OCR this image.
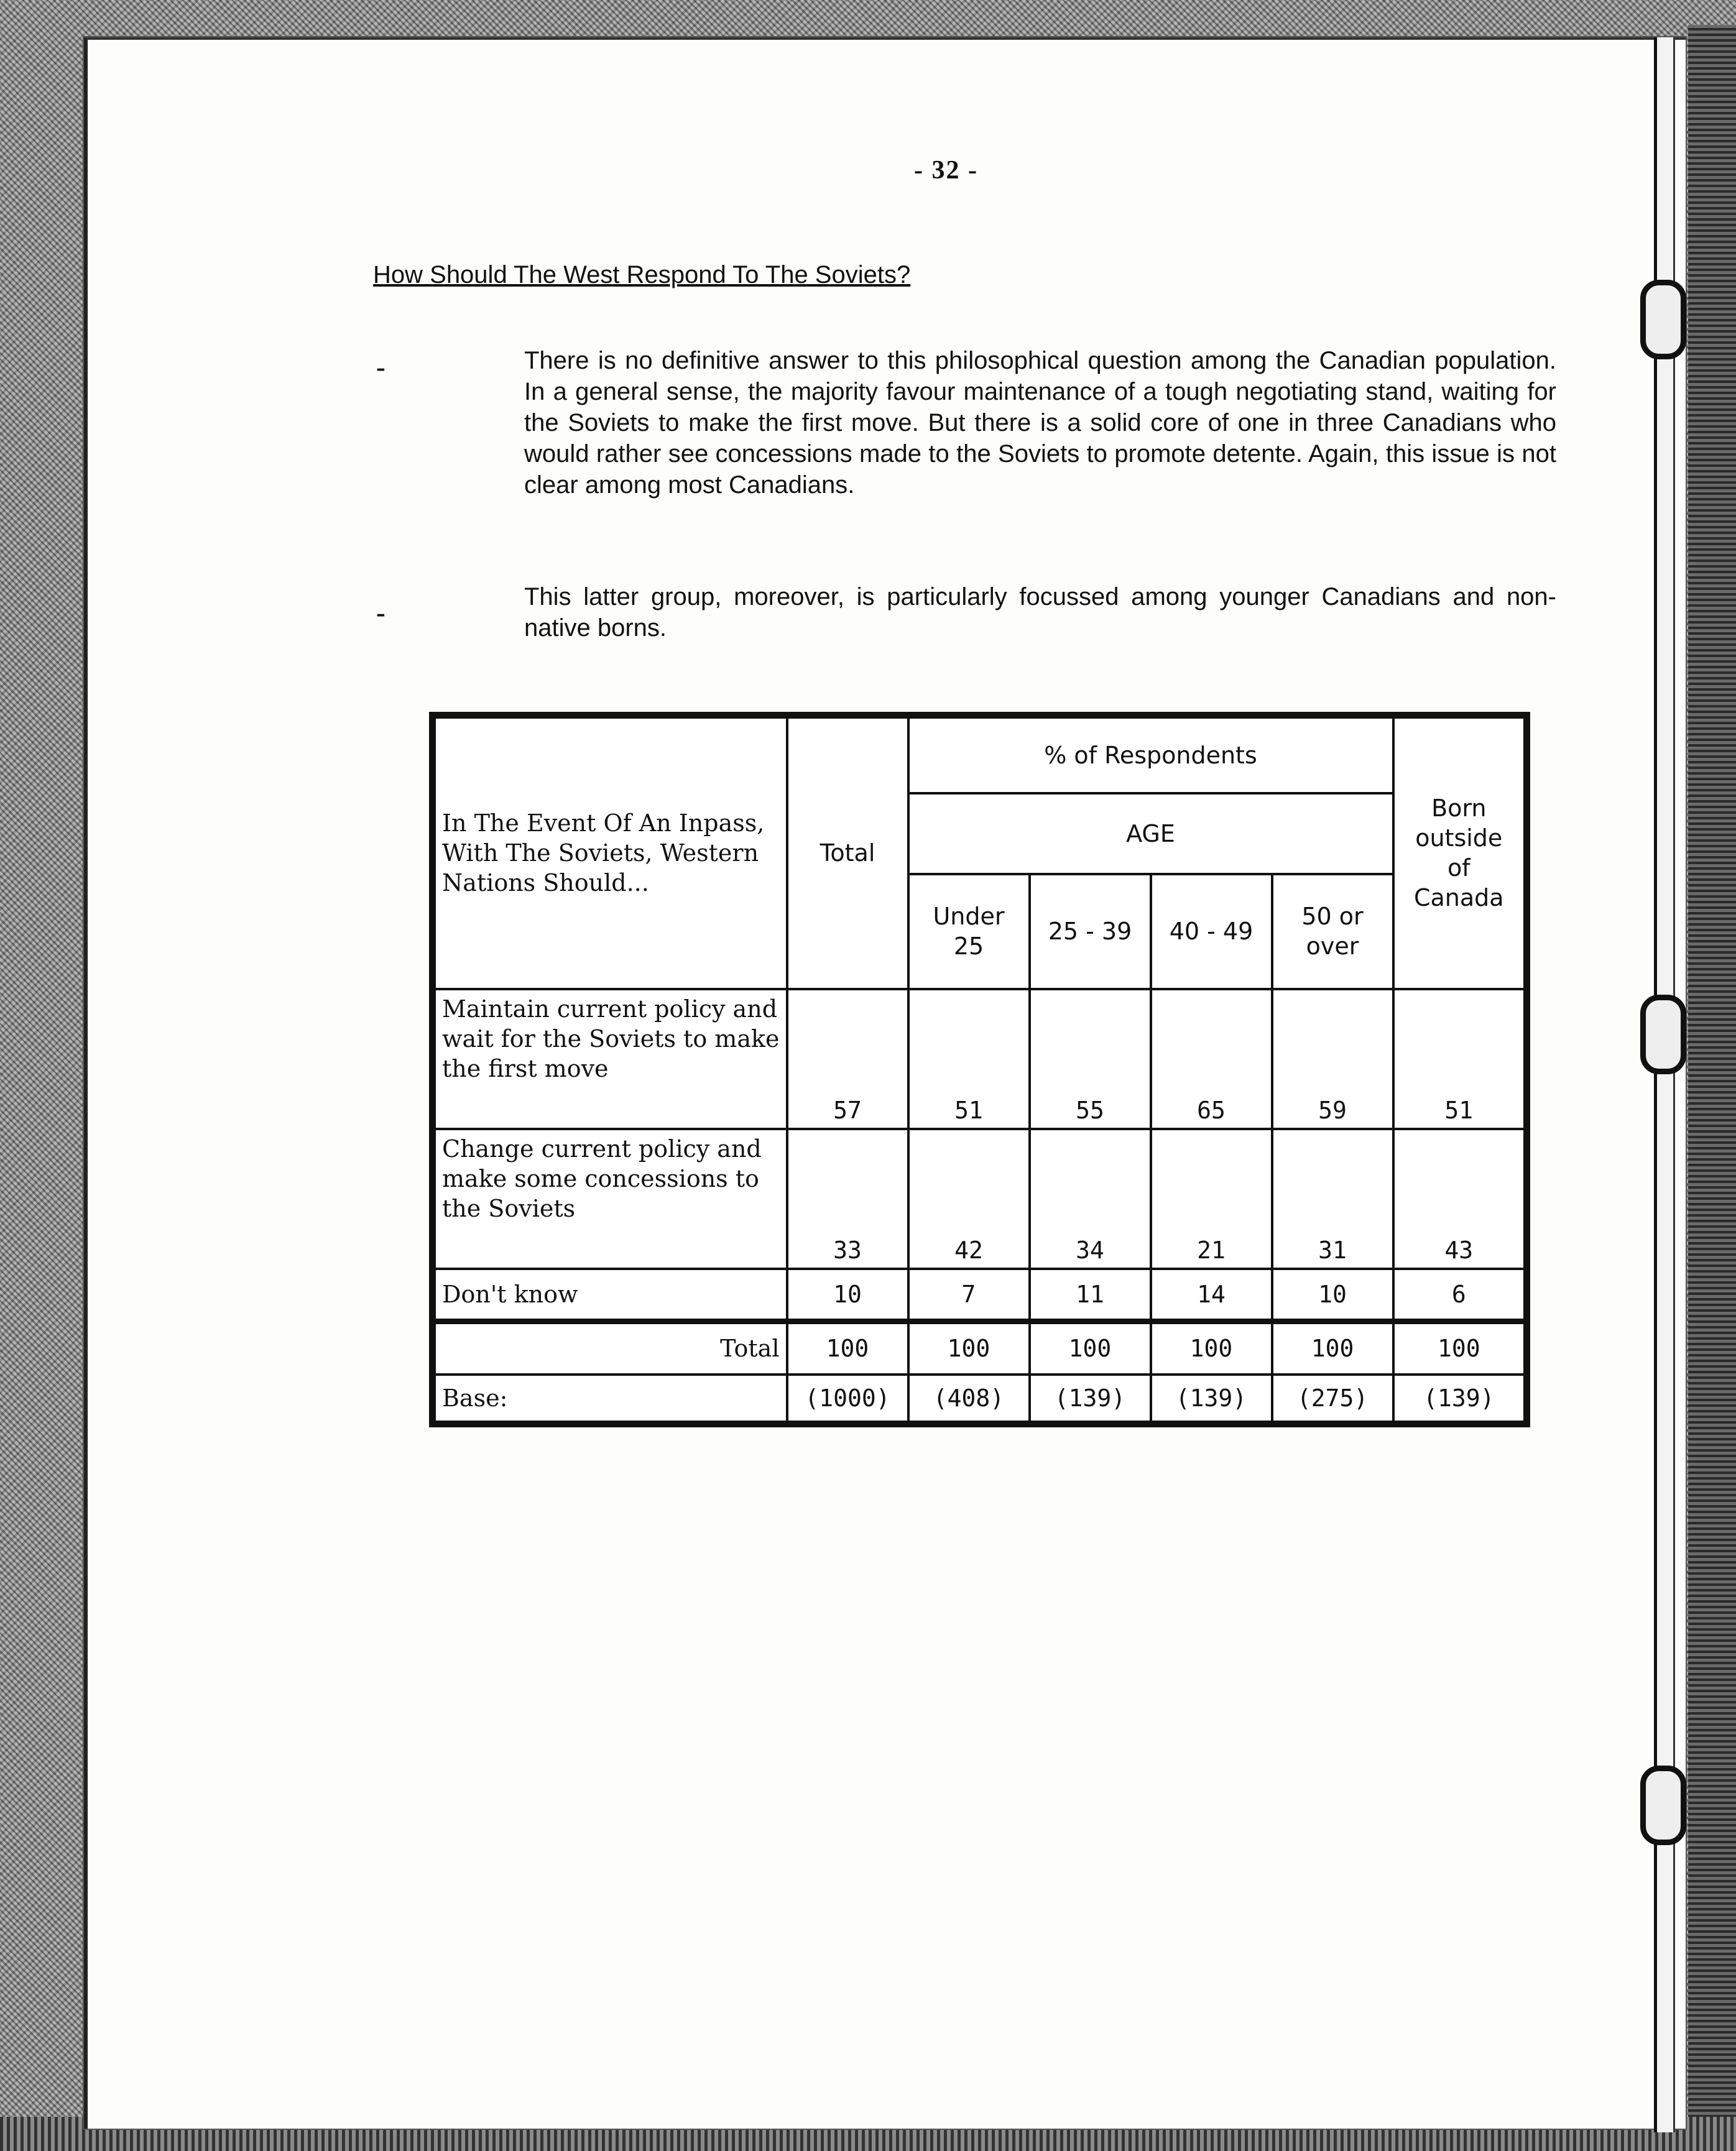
- 32 -
How Should The West Respond To The Soviets?
-	There is no definitive answer to this philosophical question among the Canadian population. In a general sense, the majority favour maintenance of a tough negotiating stand, waiting for the Soviets to make the first move. But there is a solid core of one in three Canadians who would rather see concessions made to the Soviets to promote detente. Again, this issue is not clear among most Canadians.
-
This latter group, moreover, is particularly focussed among younger Canadians and non-native borns.
In The Event Of An Inpass, With The Soviets, Western Nations Should...	Total	% of Respondents				Born outside of Canada
		AGE				
		Under 25	25 - 39	40 - 49	50 or over	
Maintain current policy and wait for the Soviets to make the first move	57	51	55	65	59	51
Change current policy and make some concessions to the Soviets	33	42	34	21	31	43
Don't know	10	7	11	14	10	6
Total	100	100	100	100	100	100
Base:	(1000)	(408)	(139)	(139)	(275)	(139)
